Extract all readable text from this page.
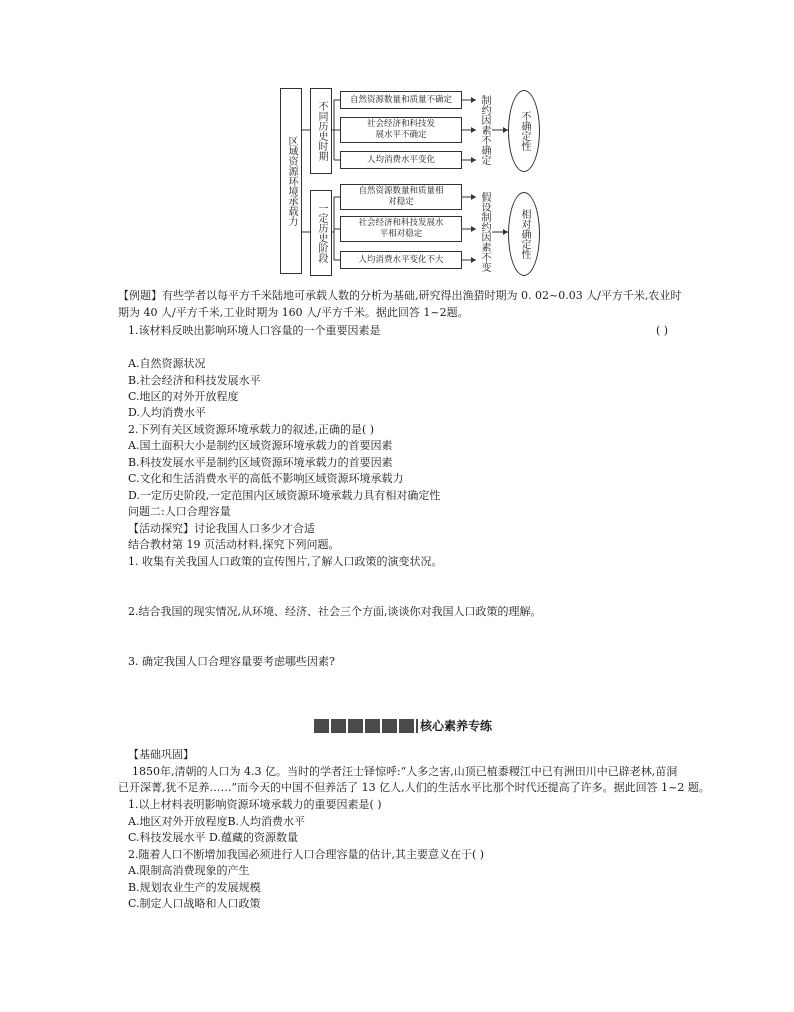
区域资源环境承载力
不同历史时期
一定历史阶段
自然资源数量和质量不确定
社会经济和科技发展水平不确定
人均消费水平变化
自然资源数量和质量相对稳定
社会经济和科技发展水平相对稳定
人均消费水平变化不大
制约因素不确定
假设制约因素不变
不确定性
相对确定性
【例题】有些学者以每平方千米陆地可承载人数的分析为基础,研究得出渔猎时期为 0. 02~0.03 人/平方千米,农业时
期为 40 人/平方千米,工业时期为 160 人/平方千米。据此回答 1~2题。
1.该材料反映出影响环境人口容量的一个重要因素是	( )
A.自然资源状况
B.社会经济和科技发展水平
C.地区的对外开放程度
D.人均消费水平
2.下列有关区域资源环境承载力的叙述,正确的是( )
A.国土面积大小是制约区域资源环境承载力的首要因素
B.科技发展水平是制约区域资源环境承载力的首要因素
C.文化和生活消费水平的高低不影响区域资源环境承载力
D.一定历史阶段,一定范围内区域资源环境承载力具有相对确定性
问题二:人口合理容量
【活动探究】讨论我国人口多少才合适
结合教材第 19 页活动材料,探究下列问题。
1. 收集有关我国人口政策的宣传图片,了解人口政策的演变状况。
2.结合我国的现实情况,从环境、经济、社会三个方面,谈谈你对我国人口政策的理解。
3. 确定我国人口合理容量要考虑哪些因素?
核心素养专练
【基础巩固】
1850年,清朝的人口为 4.3 亿。当时的学者汪士铎惊呼:“人多之害,山顶已植黍稷江中已有洲田川中已辟老林,苗洞
已开深菁,犹不足养……”而今天的中国不但养活了 13 亿人,人们的生活水平比那个时代还提高了许多。据此回答 1~2 题。
1.以上材料表明影响资源环境承载力的重要因素是( )
A.地区对外开放程度B.人均消费水平
C.科技发展水平 D.蕴藏的资源数量
2.随着人口不断增加我国必须进行人口合理容量的估计,其主要意义在于( )
A.限制高消费现象的产生
B.规划农业生产的发展规模
C.制定人口战略和人口政策
